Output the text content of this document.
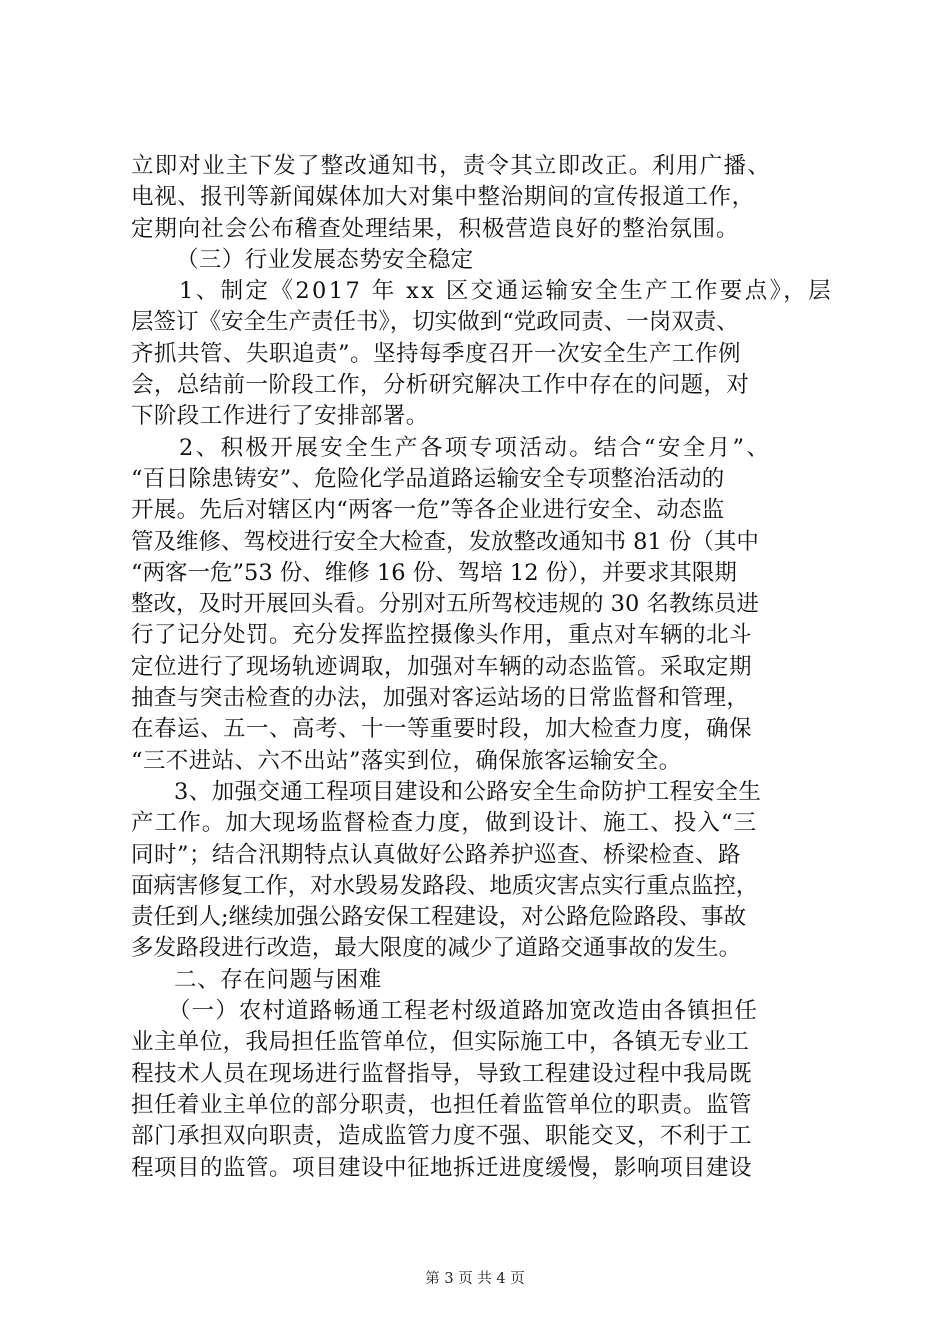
立即对业主下发了整改通知书，责令其立即改正。利用广播、
电视、报刊等新闻媒体加大对集中整治期间的宣传报道工作，
定期向社会公布稽查处理结果，积极营造良好的整治氛围。
（三）行业发展态势安全稳定
1、制定《2017 年 xx 区交通运输安全生产工作要点》，层
层签订《安全生产责任书》，切实做到“党政同责、一岗双责、
齐抓共管、失职追责”。坚持每季度召开一次安全生产工作例
会，总结前一阶段工作，分析研究解决工作中存在的问题，对
下阶段工作进行了安排部署。
2、积极开展安全生产各项专项活动。结合“安全月”、
“百日除患铸安”、危险化学品道路运输安全专项整治活动的
开展。先后对辖区内“两客一危”等各企业进行安全、动态监
管及维修、驾校进行安全大检查，发放整改通知书 81 份（其中
“两客一危”53 份、维修 16 份、驾培 12 份），并要求其限期
整改，及时开展回头看。分别对五所驾校违规的 30 名教练员进
行了记分处罚。充分发挥监控摄像头作用，重点对车辆的北斗
定位进行了现场轨迹调取，加强对车辆的动态监管。采取定期
抽查与突击检查的办法，加强对客运站场的日常监督和管理，
在春运、五一、高考、十一等重要时段，加大检查力度，确保
“三不进站、六不出站”落实到位，确保旅客运输安全。
3、加强交通工程项目建设和公路安全生命防护工程安全生
产工作。加大现场监督检查力度，做到设计、施工、投入“三
同时”；结合汛期特点认真做好公路养护巡查、桥梁检查、路
面病害修复工作，对水毁易发路段、地质灾害点实行重点监控，
责任到人;继续加强公路安保工程建设，对公路危险路段、事故
多发路段进行改造，最大限度的减少了道路交通事故的发生。
二、存在问题与困难
（一）农村道路畅通工程老村级道路加宽改造由各镇担任
业主单位，我局担任监管单位，但实际施工中，各镇无专业工
程技术人员在现场进行监督指导，导致工程建设过程中我局既
担任着业主单位的部分职责，也担任着监管单位的职责。监管
部门承担双向职责，造成监管力度不强、职能交叉，不利于工
程项目的监管。项目建设中征地拆迁进度缓慢，影响项目建设
第 3 页 共 4 页
